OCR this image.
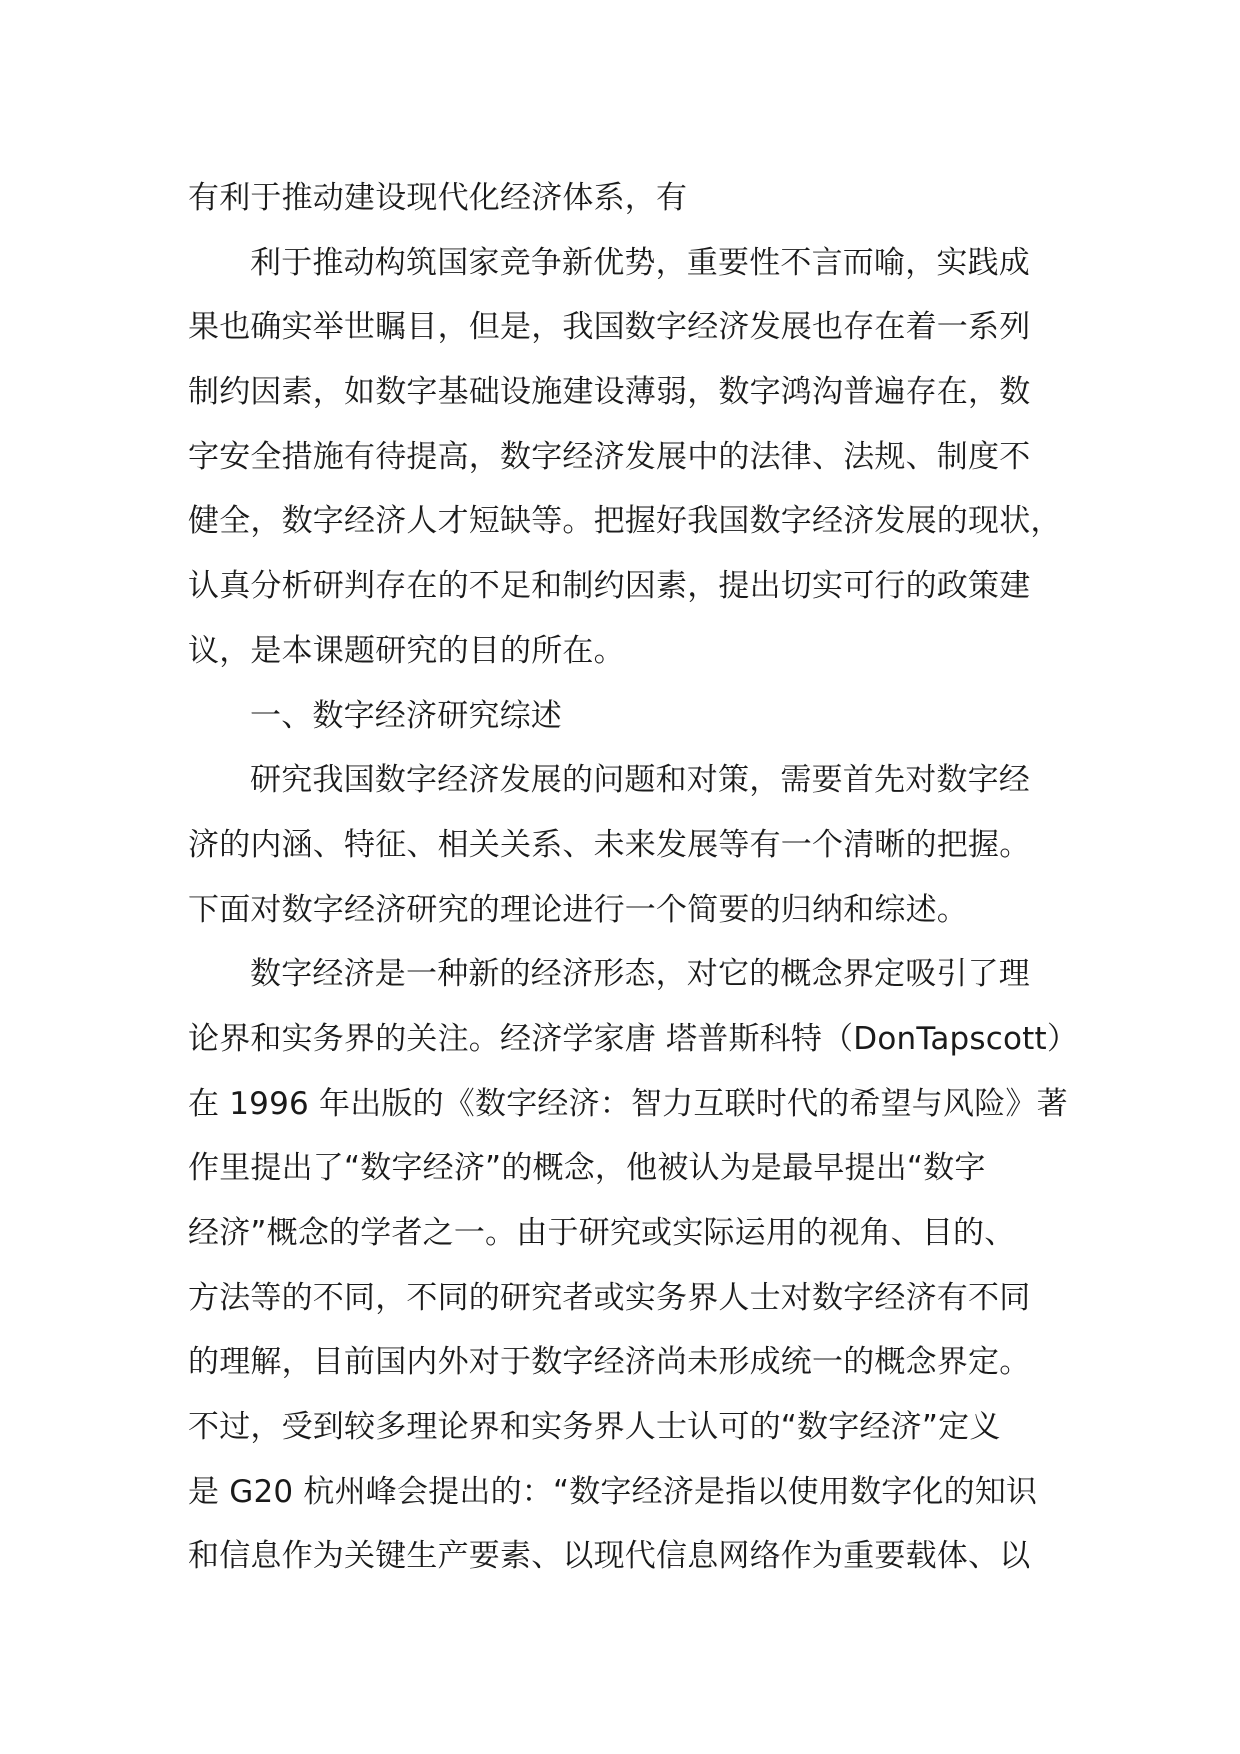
有利于推动建设现代化经济体系，有
利于推动构筑国家竞争新优势，重要性不言而喻，实践成
果也确实举世瞩目，但是，我国数字经济发展也存在着一系列
制约因素，如数字基础设施建设薄弱，数字鸿沟普遍存在，数
字安全措施有待提高，数字经济发展中的法律、法规、制度不
健全，数字经济人才短缺等。把握好我国数字经济发展的现状，
认真分析研判存在的不足和制约因素，提出切实可行的政策建
议，是本课题研究的目的所在。
一、数字经济研究综述
研究我国数字经济发展的问题和对策，需要首先对数字经
济的内涵、特征、相关关系、未来发展等有一个清晰的把握。
下面对数字经济研究的理论进行一个简要的归纳和综述。
数字经济是一种新的经济形态，对它的概念界定吸引了理
论界和实务界的关注。经济学家唐 塔普斯科特（DonTapscott）
在 1996 年出版的《数字经济：智力互联时代的希望与风险》著
作里提出了“数字经济”的概念，他被认为是最早提出“数字
经济”概念的学者之一。由于研究或实际运用的视角、目的、
方法等的不同，不同的研究者或实务界人士对数字经济有不同
的理解，目前国内外对于数字经济尚未形成统一的概念界定。
不过，受到较多理论界和实务界人士认可的“数字经济”定义
是 G20 杭州峰会提出的：“数字经济是指以使用数字化的知识
和信息作为关键生产要素、以现代信息网络作为重要载体、以
